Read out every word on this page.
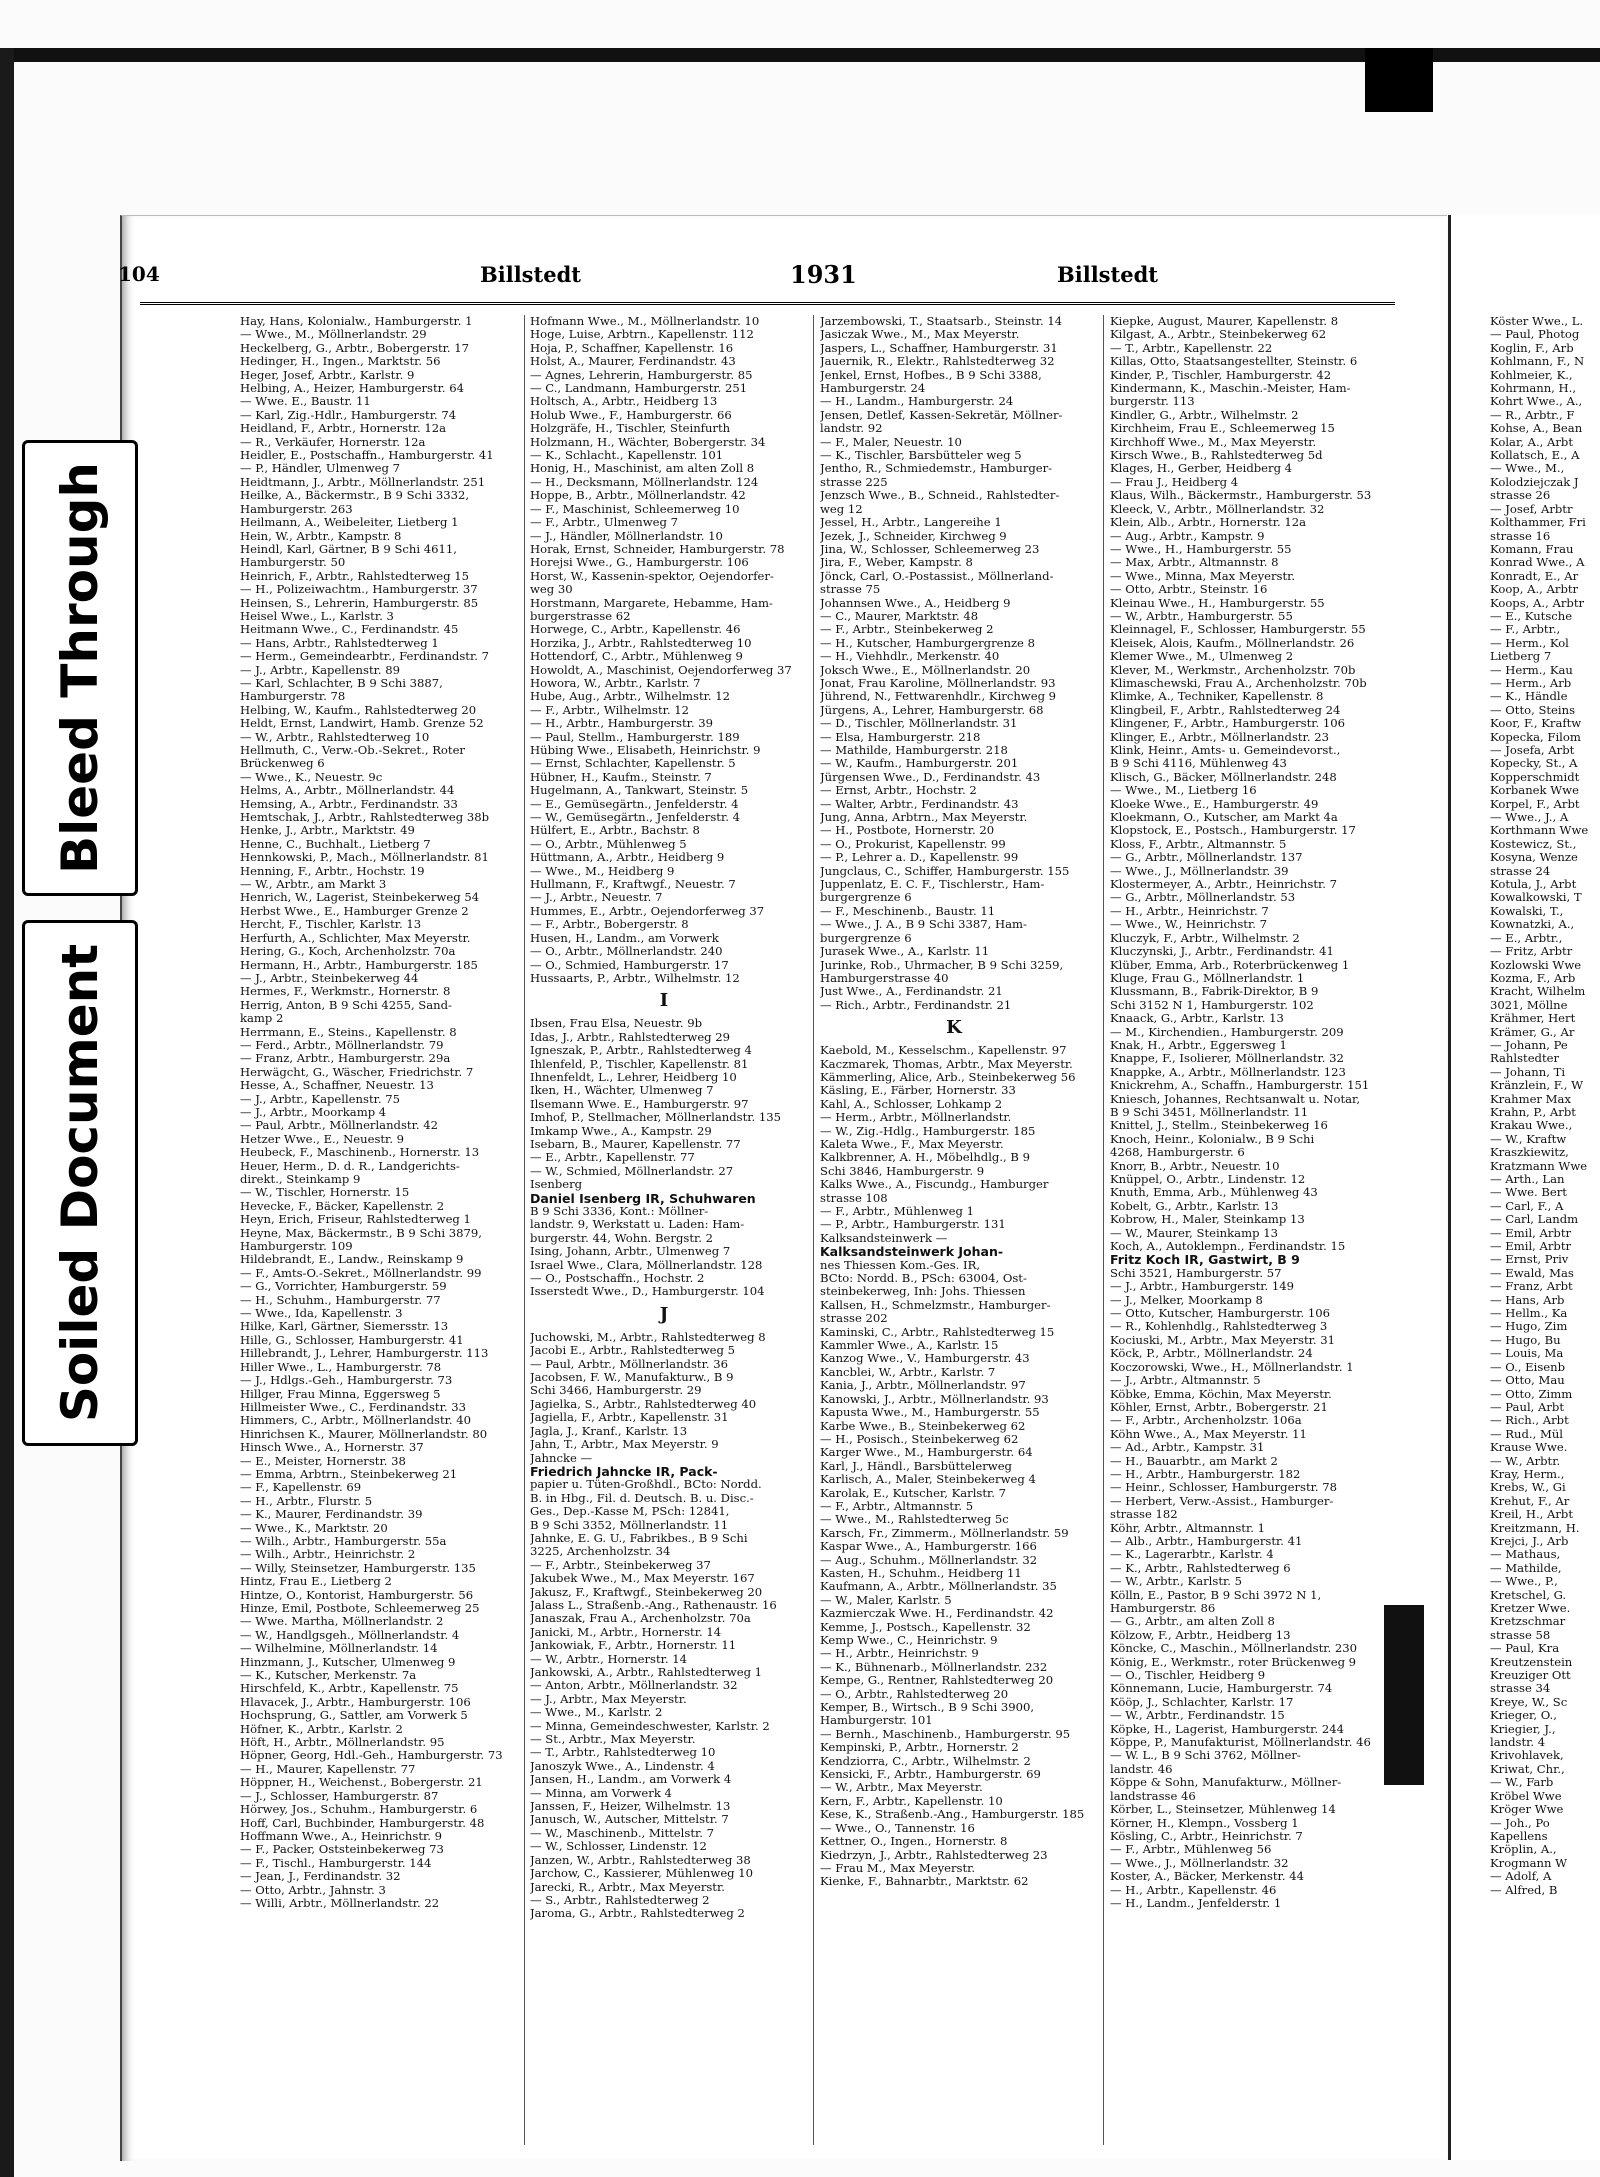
Bleed Through
Soiled Document
104	Billstedt	1931	Billstedt

Hay, Hans, Kolonialw., Hamburgerstr. 1

— Wwe., M., Möllnerlandstr. 29

Heckelberg, G., Arbtr., Bobergerstr. 17

Hedinger, H., Ingen., Marktstr. 56

Heger, Josef, Arbtr., Karlstr. 9

Helbing, A., Heizer, Hamburgerstr. 64

— Wwe. E., Baustr. 11

— Karl, Zig.-Hdlr., Hamburgerstr. 74

Heidland, F., Arbtr., Hornerstr. 12a

— R., Verkäufer, Hornerstr. 12a

Heidler, E., Postschaffn., Hamburgerstr. 41

— P., Händler, Ulmenweg 7

Heidtmann, J., Arbtr., Möllnerlandstr. 251

Heilke, A., Bäckermstr., B 9 Schi 3332,

Hamburgerstr. 263

Heilmann, A., Weibeleiter, Lietberg 1

Hein, W., Arbtr., Kampstr. 8

Heindl, Karl, Gärtner, B 9 Schi 4611,

Hamburgerstr. 50

Heinrich, F., Arbtr., Rahlstedterweg 15

— H., Polizeiwachtm., Hamburgerstr. 37

Heinsen, S., Lehrerin, Hamburgerstr. 85

Heisel Wwe., L., Karlstr. 3

Heitmann Wwe., C., Ferdinandstr. 45

— Hans, Arbtr., Rahlstedterweg 1

— Herm., Gemeindearbtr., Ferdinandstr. 7

— J., Arbtr., Kapellenstr. 89

— Karl, Schlachter, B 9 Schi 3887,

Hamburgerstr. 78

Helbing, W., Kaufm., Rahlstedterweg 20

Heldt, Ernst, Landwirt, Hamb. Grenze 52

— W., Arbtr., Rahlstedterweg 10

Hellmuth, C., Verw.-Ob.-Sekret., Roter

Brückenweg 6

— Wwe., K., Neuestr. 9c

Helms, A., Arbtr., Möllnerlandstr. 44

Hemsing, A., Arbtr., Ferdinandstr. 33

Hemtschak, J., Arbtr., Rahlstedterweg 38b

Henke, J., Arbtr., Marktstr. 49

Henne, C., Buchhalt., Lietberg 7

Hennkowski, P., Mach., Möllnerlandstr. 81

Henning, F., Arbtr., Hochstr. 19

— W., Arbtr., am Markt 3

Henrich, W., Lagerist, Steinbekerweg 54

Herbst Wwe., E., Hamburger Grenze 2

Hercht, F., Tischler, Karlstr. 13

Herfurth, A., Schlichter, Max Meyerstr.

Hering, G., Koch, Archenholzstr. 70a

Hermann, H., Arbtr., Hamburgerstr. 185

— J., Arbtr., Steinbekerweg 44

Hermes, F., Werkmstr., Hornerstr. 8

Herrig, Anton, B 9 Schi 4255, Sand-

kamp 2

Herrmann, E., Steins., Kapellenstr. 8

— Ferd., Arbtr., Möllnerlandstr. 79

— Franz, Arbtr., Hamburgerstr. 29a

Herwägcht, G., Wäscher, Friedrichstr. 7

Hesse, A., Schaffner, Neuestr. 13

— J., Arbtr., Kapellenstr. 75

— J., Arbtr., Moorkamp 4

— Paul, Arbtr., Möllnerlandstr. 42

Hetzer Wwe., E., Neuestr. 9

Heubeck, F., Maschinenb., Hornerstr. 13

Heuer, Herm., D. d. R., Landgerichts-

direkt., Steinkamp 9

— W., Tischler, Hornerstr. 15

Hevecke, F., Bäcker, Kapellenstr. 2

Heyn, Erich, Friseur, Rahlstedterweg 1

Heyne, Max, Bäckermstr., B 9 Schi 3879,

Hamburgerstr. 109

Hildebrandt, E., Landw., Reinskamp 9

— F., Amts-O.-Sekret., Möllnerlandstr. 99

— G., Vorrichter, Hamburgerstr. 59

— H., Schuhm., Hamburgerstr. 77

— Wwe., Ida, Kapellenstr. 3

Hilke, Karl, Gärtner, Siemersstr. 13

Hille, G., Schlosser, Hamburgerstr. 41

Hillebrandt, J., Lehrer, Hamburgerstr. 113

Hiller Wwe., L., Hamburgerstr. 78

— J., Hdlgs.-Geh., Hamburgerstr. 73

Hillger, Frau Minna, Eggersweg 5

Hillmeister Wwe., C., Ferdinandstr. 33

Himmers, C., Arbtr., Möllnerlandstr. 40

Hinrichsen K., Maurer, Möllnerlandstr. 80

Hinsch Wwe., A., Hornerstr. 37

— E., Meister, Hornerstr. 38

— Emma, Arbtrn., Steinbekerweg 21

— F., Kapellenstr. 69

— H., Arbtr., Flurstr. 5

— K., Maurer, Ferdinandstr. 39

— Wwe., K., Marktstr. 20

— Wilh., Arbtr., Hamburgerstr. 55a

— Wilh., Arbtr., Heinrichstr. 2

— Willy, Steinsetzer, Hamburgerstr. 135

Hintz, Frau E., Lietberg 2

Hintze, O., Kontorist, Hamburgerstr. 56

Hinze, Emil, Postbote, Schleemerweg 25

— Wwe. Martha, Möllnerlandstr. 2

— W., Handlgsgeh., Möllnerlandstr. 4

— Wilhelmine, Möllnerlandstr. 14

Hinzmann, J., Kutscher, Ulmenweg 9

— K., Kutscher, Merkenstr. 7a

Hirschfeld, K., Arbtr., Kapellenstr. 75

Hlavacek, J., Arbtr., Hamburgerstr. 106

Hochsprung, G., Sattler, am Vorwerk 5

Höfner, K., Arbtr., Karlstr. 2

Höft, H., Arbtr., Möllnerlandstr. 95

Höpner, Georg, Hdl.-Geh., Hamburgerstr. 73

— H., Maurer, Kapellenstr. 77

Höppner, H., Weichenst., Bobergerstr. 21

— J., Schlosser, Hamburgerstr. 87

Hörwey, Jos., Schuhm., Hamburgerstr. 6

Hoff, Carl, Buchbinder, Hamburgerstr. 48

Hoffmann Wwe., A., Heinrichstr. 9

— F., Packer, Oststeinbekerweg 73

— F., Tischl., Hamburgerstr. 144

— Jean, J., Ferdinandstr. 32

— Otto, Arbtr., Jahnstr. 3

— Willi, Arbtr., Möllnerlandstr. 22

Hofmann Wwe., M., Möllnerlandstr. 10

Hoge, Luise, Arbtrn., Kapellenstr. 112

Hoja, P., Schaffner, Kapellenstr. 16

Holst, A., Maurer, Ferdinandstr. 43

— Agnes, Lehrerin, Hamburgerstr. 85

— C., Landmann, Hamburgerstr. 251

Holtsch, A., Arbtr., Heidberg 13

Holub Wwe., F., Hamburgerstr. 66

Holzgräfe, H., Tischler, Steinfurth

Holzmann, H., Wächter, Bobergerstr. 34

— K., Schlacht., Kapellenstr. 101

Honig, H., Maschinist, am alten Zoll 8

— H., Decksmann, Möllnerlandstr. 124

Hoppe, B., Arbtr., Möllnerlandstr. 42

— F., Maschinist, Schleemerweg 10

— F., Arbtr., Ulmenweg 7

— J., Händler, Möllnerlandstr. 10

Horak, Ernst, Schneider, Hamburgerstr. 78

Horejsi Wwe., G., Hamburgerstr. 106

Horst, W., Kassenin-spektor, Oejendorfer-

weg 30

Horstmann, Margarete, Hebamme, Ham-

burgerstrasse 62

Horwege, C., Arbtr., Kapellenstr. 46

Horzika, J., Arbtr., Rahlstedterweg 10

Hottendorf, C., Arbtr., Mühlenweg 9

Howoldt, A., Maschinist, Oejendorferweg 37

Howora, W., Arbtr., Karlstr. 7

Hube, Aug., Arbtr., Wilhelmstr. 12

— F., Arbtr., Wilhelmstr. 12

— H., Arbtr., Hamburgerstr. 39

— Paul, Stellm., Hamburgerstr. 189

Hübing Wwe., Elisabeth, Heinrichstr. 9

— Ernst, Schlachter, Kapellenstr. 5

Hübner, H., Kaufm., Steinstr. 7

Hugelmann, A., Tankwart, Steinstr. 5

— E., Gemüsegärtn., Jenfelderstr. 4

— W., Gemüsegärtn., Jenfelderstr. 4

Hülfert, E., Arbtr., Bachstr. 8

— O., Arbtr., Mühlenweg 5

Hüttmann, A., Arbtr., Heidberg 9

— Wwe., M., Heidberg 9

Hullmann, F., Kraftwgf., Neuestr. 7

— J., Arbtr., Neuestr. 7

Hummes, E., Arbtr., Oejendorferweg 37

— F., Arbtr., Bobergerstr. 8

Husen, H., Landm., am Vorwerk

— O., Arbtr., Möllnerlandstr. 240

— O., Schmied, Hamburgerstr. 17

Hussaarts, P., Arbtr., Wilhelmstr. 12

I

Ibsen, Frau Elsa, Neuestr. 9b

Idas, J., Arbtr., Rahlstedterweg 29

Igneszak, P., Arbtr., Rahlstedterweg 4

Ihlenfeld, P., Tischler, Kapellenstr. 81

Ihnenfeldt, L., Lehrer, Heidberg 10

Iken, H., Wächter, Ulmenweg 7

Ilsemann Wwe. E., Hamburgerstr. 97

Imhof, P., Stellmacher, Möllnerlandstr. 135

Imkamp Wwe., A., Kampstr. 29

Isebarn, B., Maurer, Kapellenstr. 77

— E., Arbtr., Kapellenstr. 77

— W., Schmied, Möllnerlandstr. 27

Isenberg

Daniel Isenberg IR, Schuhwaren

B 9 Schi 3336, Kont.: Möllner-

landstr. 9, Werkstatt u. Laden: Ham-

burgerstr. 44, Wohn. Bergstr. 2

Ising, Johann, Arbtr., Ulmenweg 7

Israel Wwe., Clara, Möllnerlandstr. 128

— O., Postschaffn., Hochstr. 2

Isserstedt Wwe., D., Hamburgerstr. 104

J

Juchowski, M., Arbtr., Rahlstedterweg 8

Jacobi E., Arbtr., Rahlstedterweg 5

— Paul, Arbtr., Möllnerlandstr. 36

Jacobsen, F. W., Manufakturw., B 9

Schi 3466, Hamburgerstr. 29

Jagielka, S., Arbtr., Rahlstedterweg 40

Jagiella, F., Arbtr., Kapellenstr. 31

Jagla, J., Kranf., Karlstr. 13

Jahn, T., Arbtr., Max Meyerstr. 9

Jahncke —

Friedrich Jahncke IR, Pack-

papier u. Tüten-Großhdl., BCto: Nordd.

B. in Hbg., Fil. d. Deutsch. B. u. Disc.-

Ges., Dep.-Kasse M, PSch: 12841,

B 9 Schi 3352, Möllnerlandstr. 11

Jahnke, E. G. U., Fabrikbes., B 9 Schi

3225, Archenholzstr. 34

— F., Arbtr., Steinbekerweg 37

Jakubek Wwe., M., Max Meyerstr. 167

Jakusz, F., Kraftwgf., Steinbekerweg 20

Jalass L., Straßenb.-Ang., Rathenaustr. 16

Janaszak, Frau A., Archenholzstr. 70a

Janicki, M., Arbtr., Hornerstr. 14

Jankowiak, F., Arbtr., Hornerstr. 11

— W., Arbtr., Hornerstr. 14

Jankowski, A., Arbtr., Rahlstedterweg 1

— Anton, Arbtr., Möllnerlandstr. 32

— J., Arbtr., Max Meyerstr.

— Wwe., M., Karlstr. 2

— Minna, Gemeindeschwester, Karlstr. 2

— St., Arbtr., Max Meyerstr.

— T., Arbtr., Rahlstedterweg 10

Janoszyk Wwe., A., Lindenstr. 4

Jansen, H., Landm., am Vorwerk 4

— Minna, am Vorwerk 4

Janssen, F., Heizer, Wilhelmstr. 13

Janusch, W., Autscher, Mittelstr. 7

— W., Maschinenb., Mittelstr. 7

— W., Schlosser, Lindenstr. 12

Janzen, W., Arbtr., Rahlstedterweg 38

Jarchow, C., Kassierer, Mühlenweg 10

Jarecki, R., Arbtr., Max Meyerstr.

— S., Arbtr., Rahlstedterweg 2

Jaroma, G., Arbtr., Rahlstedterweg 2

Jarzembowski, T., Staatsarb., Steinstr. 14

Jasiczak Wwe., M., Max Meyerstr.

Jaspers, L., Schaffner, Hamburgerstr. 31

Jauernik, R., Elektr., Rahlstedterweg 32

Jenkel, Ernst, Hofbes., B 9 Schi 3388,

Hamburgerstr. 24

— H., Landm., Hamburgerstr. 24

Jensen, Detlef, Kassen-Sekretär, Möllner-

landstr. 92

— F., Maler, Neuestr. 10

— K., Tischler, Barsbütteler weg 5

Jentho, R., Schmiedemstr., Hamburger-

strasse 225

Jenzsch Wwe., B., Schneid., Rahlstedter-

weg 12

Jessel, H., Arbtr., Langereihe 1

Jezek, J., Schneider, Kirchweg 9

Jina, W., Schlosser, Schleemerweg 23

Jira, F., Weber, Kampstr. 8

Jönck, Carl, O.-Postassist., Möllnerland-

strasse 75

Johannsen Wwe., A., Heidberg 9

— C., Maurer, Marktstr. 48

— F., Arbtr., Steinbekerweg 2

— H., Kutscher, Hamburgergrenze 8

— H., Viehhdlr., Merkenstr. 40

Joksch Wwe., E., Möllnerlandstr. 20

Jonat, Frau Karoline, Möllnerlandstr. 93

Jührend, N., Fettwarenhdlr., Kirchweg 9

Jürgens, A., Lehrer, Hamburgerstr. 68

— D., Tischler, Möllnerlandstr. 31

— Elsa, Hamburgerstr. 218

— Mathilde, Hamburgerstr. 218

— W., Kaufm., Hamburgerstr. 201

Jürgensen Wwe., D., Ferdinandstr. 43

— Ernst, Arbtr., Hochstr. 2

— Walter, Arbtr., Ferdinandstr. 43

Jung, Anna, Arbtrn., Max Meyerstr.

— H., Postbote, Hornerstr. 20

— O., Prokurist, Kapellenstr. 99

— P., Lehrer a. D., Kapellenstr. 99

Jungclaus, C., Schiffer, Hamburgerstr. 155

Juppenlatz, E. C. F., Tischlerstr., Ham-

burgergrenze 6

— F., Meschinenb., Baustr. 11

— Wwe., J. A., B 9 Schi 3387, Ham-

burgergrenze 6

Jurasek Wwe., A., Karlstr. 11

Jurinke, Rob., Uhrmacher, B 9 Schi 3259,

Hamburgerstrasse 40

Just Wwe., A., Ferdinandstr. 21

— Rich., Arbtr., Ferdinandstr. 21

K

Kaebold, M., Kesselschm., Kapellenstr. 97

Kaczmarek, Thomas, Arbtr., Max Meyerstr.

Kämmerling, Alice, Arb., Steinbekerweg 56

Käsling, E., Färber, Hornerstr. 33

Kahl, A., Schlosser, Lohkamp 2

— Herm., Arbtr., Möllnerlandstr.

— W., Zig.-Hdlg., Hamburgerstr. 185

Kaleta Wwe., F., Max Meyerstr.

Kalkbrenner, A. H., Möbelhdlg., B 9

Schi 3846, Hamburgerstr. 9

Kalks Wwe., A., Fiscundg., Hamburger

strasse 108

— F., Arbtr., Mühlenweg 1

— P., Arbtr., Hamburgerstr. 131

Kalksandsteinwerk —

Kalksandsteinwerk Johan-

nes Thiessen Kom.-Ges. IR,

BCto: Nordd. B., PSch: 63004, Ost-

steinbekerweg, Inh: Johs. Thiessen

Kallsen, H., Schmelzmstr., Hamburger-

strasse 202

Kaminski, C., Arbtr., Rahlstedterweg 15

Kammler Wwe., A., Karlstr. 15

Kanzog Wwe., V., Hamburgerstr. 43

Kancblei, W., Arbtr., Karlstr. 7

Kania, J., Arbtr., Möllnerlandstr. 97

Kanowski, J., Arbtr., Möllnerlandstr. 93

Kapusta Wwe., M., Hamburgerstr. 55

Karbe Wwe., B., Steinbekerweg 62

— H., Posisch., Steinbekerweg 62

Karger Wwe., M., Hamburgerstr. 64

Karl, J., Händl., Barsbüttelerweg

Karlisch, A., Maler, Steinbekerweg 4

Karolak, E., Kutscher, Karlstr. 7

— F., Arbtr., Altmannstr. 5

— Wwe., M., Rahlstedterweg 5c

Karsch, Fr., Zimmerm., Möllnerlandstr. 59

Kaspar Wwe., A., Hamburgerstr. 166

— Aug., Schuhm., Möllnerlandstr. 32

Kasten, H., Schuhm., Heidberg 11

Kaufmann, A., Arbtr., Möllnerlandstr. 35

— W., Maler, Karlstr. 5

Kazmierczak Wwe. H., Ferdinandstr. 42

Kemme, J., Postsch., Kapellenstr. 32

Kemp Wwe., C., Heinrichstr. 9

— H., Arbtr., Heinrichstr. 9

— K., Bühnenarb., Möllnerlandstr. 232

Kempe, G., Rentner, Rahlstedterweg 20

— O., Arbtr., Rahlstedterweg 20

Kemper, B., Wirtsch., B 9 Schi 3900,

Hamburgerstr. 101

— Bernh., Maschinenb., Hamburgerstr. 95

Kempinski, P., Arbtr., Hornerstr. 2

Kendziorra, C., Arbtr., Wilhelmstr. 2

Kensicki, F., Arbtr., Hamburgerstr. 69

— W., Arbtr., Max Meyerstr.

Kern, F., Arbtr., Kapellenstr. 10

Kese, K., Straßenb.-Ang., Hamburgerstr. 185

— Wwe., O., Tannenstr. 16

Kettner, O., Ingen., Hornerstr. 8

Kiedrzyn, J., Arbtr., Rahlstedterweg 23

— Frau M., Max Meyerstr.

Kienke, F., Bahnarbtr., Marktstr. 62

Kiepke, August, Maurer, Kapellenstr. 8

Kilgast, A., Arbtr., Steinbekerweg 62

— T., Arbtr., Kapellenstr. 22

Killas, Otto, Staatsangestellter, Steinstr. 6

Kinder, P., Tischler, Hamburgerstr. 42

Kindermann, K., Maschin.-Meister, Ham-

burgerstr. 113

Kindler, G., Arbtr., Wilhelmstr. 2

Kirchheim, Frau E., Schleemerweg 15

Kirchhoff Wwe., M., Max Meyerstr.

Kirsch Wwe., B., Rahlstedterweg 5d

Klages, H., Gerber, Heidberg 4

— Frau J., Heidberg 4

Klaus, Wilh., Bäckermstr., Hamburgerstr. 53

Kleeck, V., Arbtr., Möllnerlandstr. 32

Klein, Alb., Arbtr., Hornerstr. 12a

— Aug., Arbtr., Kampstr. 9

— Wwe., H., Hamburgerstr. 55

— Max, Arbtr., Altmannstr. 8

— Wwe., Minna, Max Meyerstr.

— Otto, Arbtr., Steinstr. 16

Kleinau Wwe., H., Hamburgerstr. 55

— W., Arbtr., Hamburgerstr. 55

Kleinnagel, F., Schlosser, Hamburgerstr. 55

Kleisek, Alois, Kaufm., Möllnerlandstr. 26

Klemer Wwe., M., Ulmenweg 2

Klever, M., Werkmstr., Archenholzstr. 70b

Klimaschewski, Frau A., Archenholzstr. 70b

Klimke, A., Techniker, Kapellenstr. 8

Klingbeil, F., Arbtr., Rahlstedterweg 24

Klingener, F., Arbtr., Hamburgerstr. 106

Klinger, E., Arbtr., Möllnerlandstr. 23

Klink, Heinr., Amts- u. Gemeindevorst.,

B 9 Schi 4116, Mühlenweg 43

Klisch, G., Bäcker, Möllnerlandstr. 248

— Wwe., M., Lietberg 16

Kloeke Wwe., E., Hamburgerstr. 49

Kloekmann, O., Kutscher, am Markt 4a

Klopstock, E., Postsch., Hamburgerstr. 17

Kloss, F., Arbtr., Altmannstr. 5

— G., Arbtr., Möllnerlandstr. 137

— Wwe., J., Möllnerlandstr. 39

Klostermeyer, A., Arbtr., Heinrichstr. 7

— G., Arbtr., Möllnerlandstr. 53

— H., Arbtr., Heinrichstr. 7

— Wwe., W., Heinrichstr. 7

Kluczyk, F., Arbtr., Wilhelmstr. 2

Kluczynski, J., Arbtr., Ferdinandstr. 41

Klüber, Emma, Arb., Roterbrückenweg 1

Kluge, Frau G., Möllnerlandstr. 1

Klussmann, B., Fabrik-Direktor, B 9

Schi 3152 N 1, Hamburgerstr. 102

Knaack, G., Arbtr., Karlstr. 13

— M., Kirchendien., Hamburgerstr. 209

Knak, H., Arbtr., Eggersweg 1

Knappe, F., Isolierer, Möllnerlandstr. 32

Knappke, A., Arbtr., Möllnerlandstr. 123

Knickrehm, A., Schaffn., Hamburgerstr. 151

Kniesch, Johannes, Rechtsanwalt u. Notar,

B 9 Schi 3451, Möllnerlandstr. 11

Knittel, J., Stellm., Steinbekerweg 16

Knoch, Heinr., Kolonialw., B 9 Schi

4268, Hamburgerstr. 6

Knorr, B., Arbtr., Neuestr. 10

Knüppel, O., Arbtr., Lindenstr. 12

Knuth, Emma, Arb., Mühlenweg 43

Kobelt, G., Arbtr., Karlstr. 13

Kobrow, H., Maler, Steinkamp 13

— W., Maurer, Steinkamp 13

Koch, A., Autoklempn., Ferdinandstr. 15

Fritz Koch IR, Gastwirt, B 9

Schi 3521, Hamburgerstr. 57

— J., Arbtr., Hamburgerstr. 149

— J., Melker, Moorkamp 8

— Otto, Kutscher, Hamburgerstr. 106

— R., Kohlenhdlg., Rahlstedterweg 3

Kociuski, M., Arbtr., Max Meyerstr. 31

Köck, P., Arbtr., Möllnerlandstr. 24

Koczorowski, Wwe., H., Möllnerlandstr. 1

— J., Arbtr., Altmannstr. 5

Köbke, Emma, Köchin, Max Meyerstr.

Köhler, Ernst, Arbtr., Bobergerstr. 21

— F., Arbtr., Archenholzstr. 106a

Köhn Wwe., A., Max Meyerstr. 11

— Ad., Arbtr., Kampstr. 31

— H., Bauarbtr., am Markt 2

— H., Arbtr., Hamburgerstr. 182

— Heinr., Schlosser, Hamburgerstr. 78

— Herbert, Verw.-Assist., Hamburger-

strasse 182

Köhr, Arbtr., Altmannstr. 1

— Alb., Arbtr., Hamburgerstr. 41

— K., Lagerarbtr., Karlstr. 4

— K., Arbtr., Rahlstedterweg 6

— W., Arbtr., Karlstr. 5

Kölln, E., Pastor, B 9 Schi 3972 N 1,

Hamburgerstr. 86

— G., Arbtr., am alten Zoll 8

Kölzow, F., Arbtr., Heidberg 13

Köncke, C., Maschin., Möllnerlandstr. 230

König, E., Werkmstr., roter Brückenweg 9

— O., Tischler, Heidberg 9

Könnemann, Lucie, Hamburgerstr. 74

Kööp, J., Schlachter, Karlstr. 17

— W., Arbtr., Ferdinandstr. 15

Köpke, H., Lagerist, Hamburgerstr. 244

Köppe, P., Manufakturist, Möllnerlandstr. 46

— W. L., B 9 Schi 3762, Möllner-

landstr. 46

Köppe & Sohn, Manufakturw., Möllner-

landstrasse 46

Körber, L., Steinsetzer, Mühlenweg 14

Körner, H., Klempn., Vossberg 1

Kösling, C., Arbtr., Heinrichstr. 7

— F., Arbtr., Mühlenweg 56

— Wwe., J., Möllnerlandstr. 32

Koster, A., Bäcker, Merkenstr. 44

— H., Arbtr., Kapellenstr. 46

— H., Landm., Jenfelderstr. 1

Köster Wwe., L.

— Paul, Photog

Koglin, F., Arb

Kohlmann, F., N

Kohlmeier, K.,

Kohrmann, H.,

Kohrt Wwe., A.,

— R., Arbtr., F

Kohse, A., Bean

Kolar, A., Arbt

Kollatsch, E., A

— Wwe., M.,

Kolodziejczak J

strasse 26

— Josef, Arbtr

Kolthammer, Fri

strasse 16

Komann, Frau

Konrad Wwe., A

Konradt, E., Ar

Koop, A., Arbtr

Koops, A., Arbtr

— E., Kutsche

— F., Arbtr.,

— Herm., Kol

Lietberg 7

— Herm., Kau

— Herm., Arb

— K., Händle

— Otto, Steins

Koor, F., Kraftw

Kopecka, Filom

— Josefa, Arbt

Kopecky, St., A

Kopperschmidt

Korbanek Wwe

Korpel, F., Arbt

— Wwe., J., A

Korthmann Wwe

Kostewicz, St.,

Kosyna, Wenze

strasse 24

Kotula, J., Arbt

Kowalkowski, T

Kowalski, T.,

Kownatzki, A.,

— E., Arbtr.,

— Fritz, Arbtr

Kozlowski Wwe

Kozma, F., Arb

Kracht, Wilhelm

3021, Möllne

Krähmer, Hert

Krämer, G., Ar

— Johann, Pe

Rahlstedter

— Johann, Ti

Kränzlein, F., W

Krahmer Max

Krahn, P., Arbt

Krakau Wwe.,

— W., Kraftw

Kraszkiewitz,

Kratzmann Wwe

— Arth., Lan

— Wwe. Bert

— Carl, F., A

— Carl, Landm

— Emil, Arbtr

— Emil, Arbtr

— Ernst, Priv

— Ewald, Mas

— Franz, Arbt

— Hans, Arb

— Hellm., Ka

— Hugo, Zim

— Hugo, Bu

— Louis, Ma

— O., Eisenb

— Otto, Mau

— Otto, Zimm

— Paul, Arbt

— Rich., Arbt

— Rud., Mül

Krause Wwe.

— W., Arbtr.

Kray, Herm.,

Krebs, W., Gi

Krehut, F., Ar

Kreil, H., Arbt

Kreitzmann, H.

Krejci, J., Arb

— Mathaus,

— Mathilde,

— Wwe., P.,

Kretschel, G.

Kretzer Wwe.

Kretzschmar

strasse 58

— Paul, Kra

Kreutzenstein

Kreuziger Ott

strasse 34

Kreye, W., Sc

Krieger, O.,

Kriegier, J.,

landstr. 4

Krivohlavek,

Kriwat, Chr.,

— W., Farb

Kröbel Wwe

Kröger Wwe

— Joh., Po

Kapellens

Kröplin, A.,

Krogmann W

— Adolf, A

— Alfred, B
